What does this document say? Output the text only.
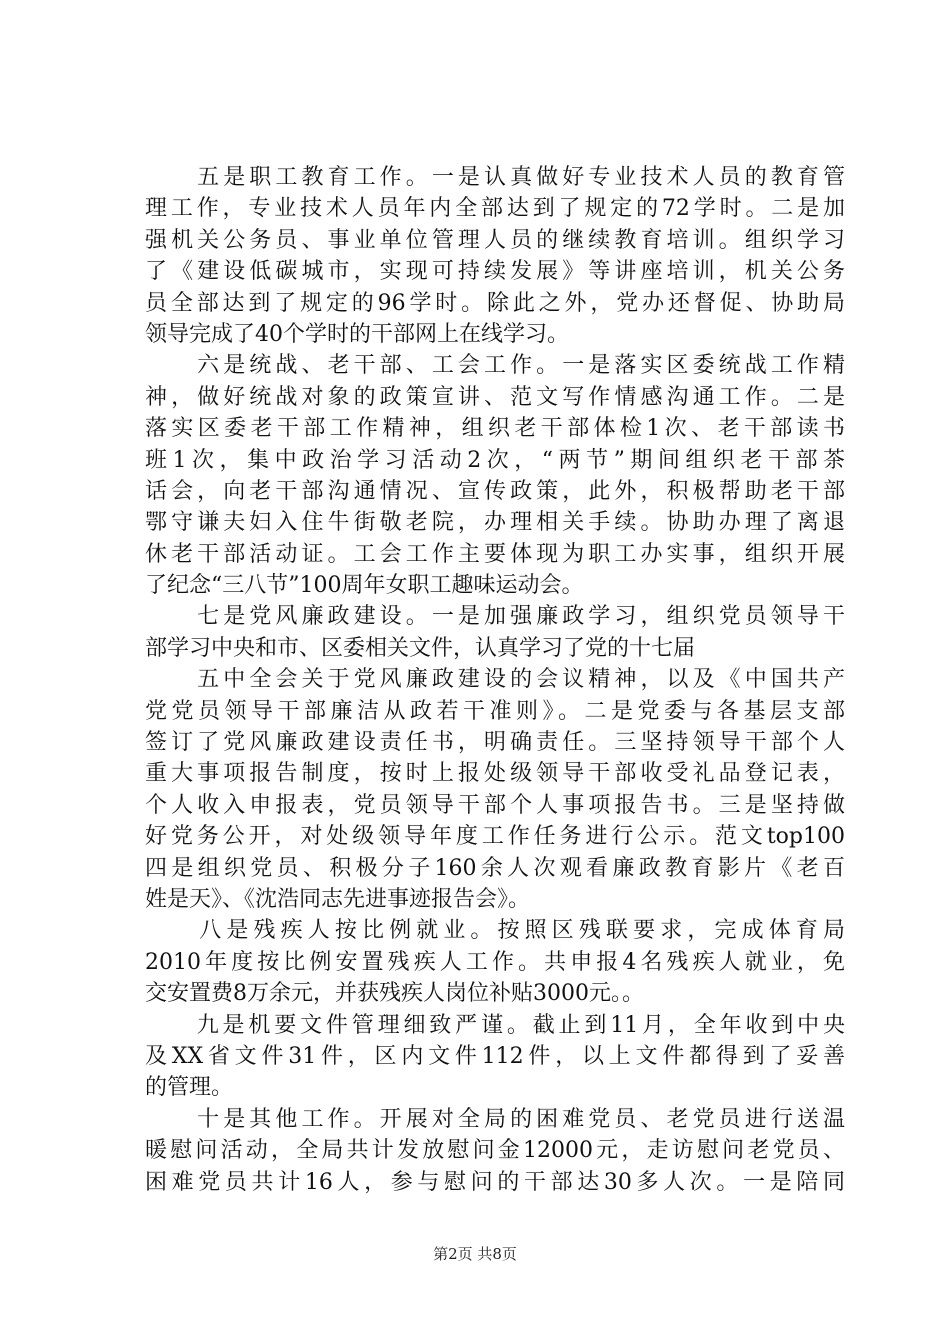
　　五是职工教育工作。一是认真做好专业技术人员的教育管
理工作，专业技术人员年内全部达到了规定的72学时。二是加
强机关公务员、事业单位管理人员的继续教育培训。组织学习
了《建设低碳城市，实现可持续发展》等讲座培训，机关公务
员全部达到了规定的96学时。除此之外，党办还督促、协助局
领导完成了40个学时的干部网上在线学习。
　　六是统战、老干部、工会工作。一是落实区委统战工作精
神，做好统战对象的政策宣讲、范文写作情感沟通工作。二是
落实区委老干部工作精神，组织老干部体检1次、老干部读书
班1次，集中政治学习活动2次，“两节”期间组织老干部茶
话会，向老干部沟通情况、宣传政策，此外，积极帮助老干部
鄂守谦夫妇入住牛街敬老院，办理相关手续。协助办理了离退
休老干部活动证。工会工作主要体现为职工办实事，组织开展
了纪念“三八节”100周年女职工趣味运动会。
　　七是党风廉政建设。一是加强廉政学习，组织党员领导干
部学习中央和市、区委相关文件，认真学习了党的十七届
　　五中全会关于党风廉政建设的会议精神，以及《中国共产
党党员领导干部廉洁从政若干准则》。二是党委与各基层支部
签订了党风廉政建设责任书，明确责任。三坚持领导干部个人
重大事项报告制度，按时上报处级领导干部收受礼品登记表，
个人收入申报表，党员领导干部个人事项报告书。三是坚持做
好党务公开，对处级领导年度工作任务进行公示。范文top100
四是组织党员、积极分子160余人次观看廉政教育影片《老百
姓是天》、《沈浩同志先进事迹报告会》。
　　八是残疾人按比例就业。按照区残联要求，完成体育局
2010年度按比例安置残疾人工作。共申报4名残疾人就业，免
交安置费8万余元，并获残疾人岗位补贴3000元。。
　　九是机要文件管理细致严谨。截止到11月，全年收到中央
及XX省文件31件，区内文件112件，以上文件都得到了妥善
的管理。
　　十是其他工作。开展对全局的困难党员、老党员进行送温
暖慰问活动，全局共计发放慰问金12000元，走访慰问老党员、
困难党员共计16人，参与慰问的干部达30多人次。一是陪同
第2页 共8页
